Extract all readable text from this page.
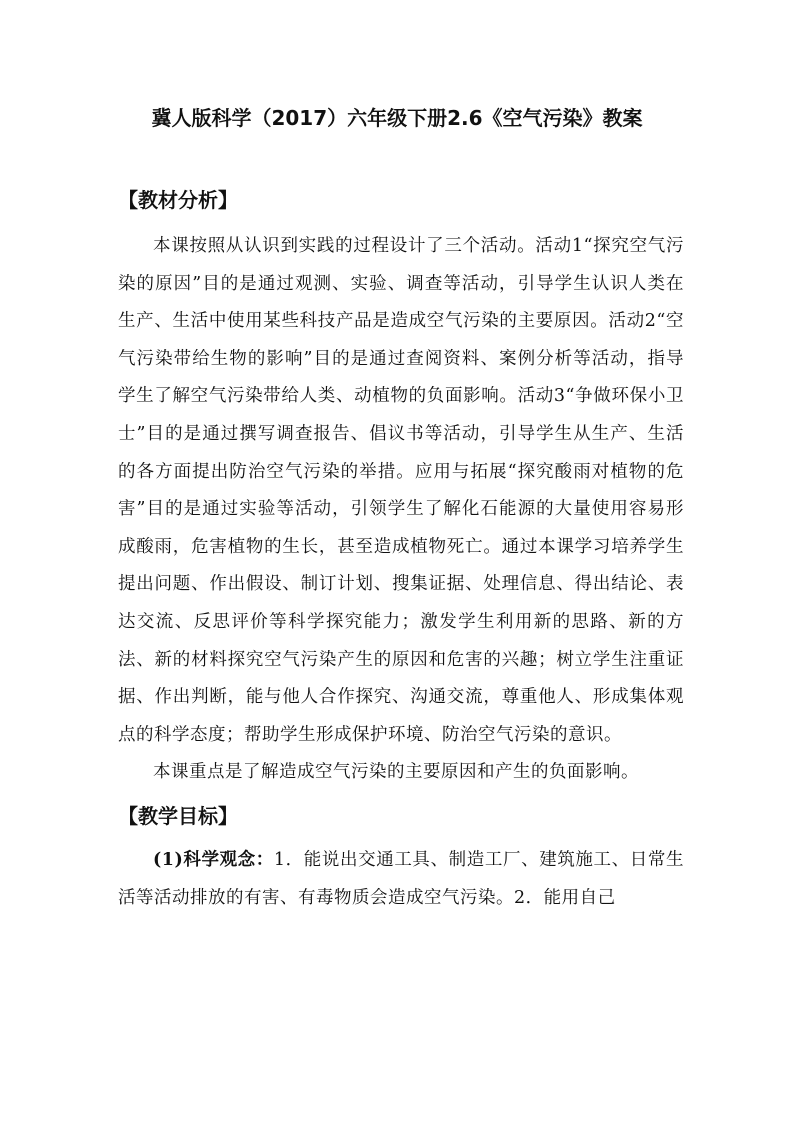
冀人版科学（2017）六年级下册2.6《空气污染》教案
【教材分析】

本课按照从认识到实践的过程设计了三个活动。活动1“探究空气污染的原因”目的是通过观测、实验、调查等活动，引导学生认识人类在生产、生活中使用某些科技产品是造成空气污染的主要原因。活动2“空气污染带给生物的影响”目的是通过查阅资料、案例分析等活动，指导学生了解空气污染带给人类、动植物的负面影响。活动3“争做环保小卫士”目的是通过撰写调查报告、倡议书等活动，引导学生从生产、生活的各方面提出防治空气污染的举措。应用与拓展“探究酸雨对植物的危害”目的是通过实验等活动，引领学生了解化石能源的大量使用容易形成酸雨，危害植物的生长，甚至造成植物死亡。通过本课学习培养学生提出问题、作出假设、制订计划、搜集证据、处理信息、得出结论、表达交流、反思评价等科学探究能力；激发学生利用新的思路、新的方法、新的材料探究空气污染产生的原因和危害的兴趣；树立学生注重证据、作出判断，能与他人合作探究、沟通交流，尊重他人、形成集体观点的科学态度；帮助学生形成保护环境、防治空气污染的意识。

本课重点是了解造成空气污染的主要原因和产生的负面影响。

【教学目标】

(1)科学观念：1．能说出交通工具、制造工厂、建筑施工、日常生活等活动排放的有害、有毒物质会造成空气污染。2．能用自己
